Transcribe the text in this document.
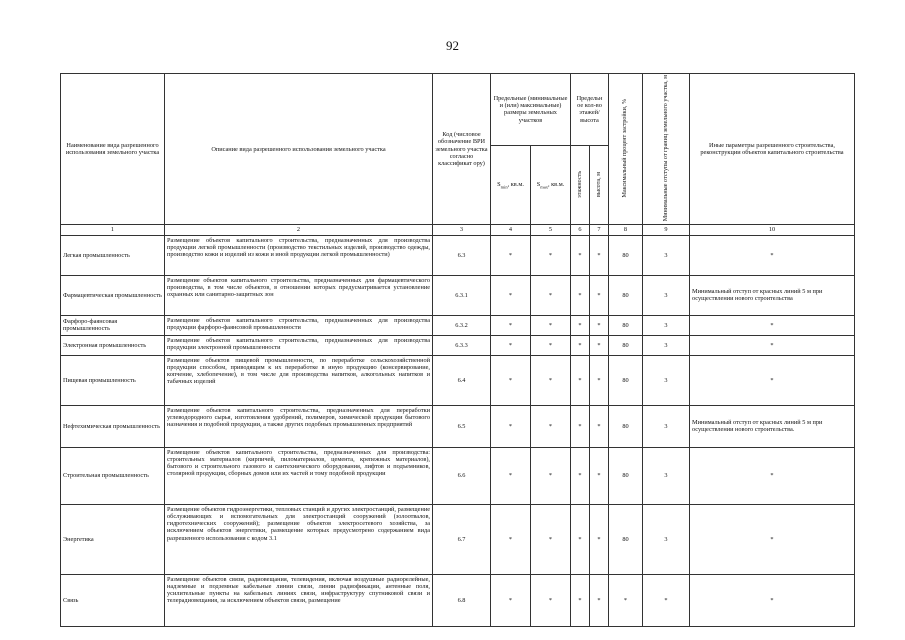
92
Наименование вида разрешенного использования земельного участка	Описание вида разрешенного использования земельного участка	Код (числовое обозначение ВРИ земельного участка согласно классификат ору)	Предельные (минимальные и (или) максимальные) размеры земельных участков		Предельн ое кол-во этажей/ высота		Максимальный процент застройки, %	Минимальные отступы от границ земельного участка, м	Иные параметры разрешенного строительства, реконструкции объектов капитального строительства
			$S_{min}$, кв.м.	$S_{max}$, кв.м.	этажность	высота, м			
1	2	3	4	5	6	7	8	9	10
Легкая промышленность	Размещение объектов капитального строительства, предназначенных для производства продукции легкой промышленности (производство текстильных изделий, производство одежды, производство кожи и изделий из кожи и иной продукции легкой промышленности)	6.3	*	*	*	*	80	3	*
Фармацевтическая промышленность	Размещение объектов капитального строительства, предназначенных для фармацевтического производства, в том числе объектов, в отношении которых предусматривается установление охранных или санитарно-защитных зон	6.3.1	*	*	*	*	80	3	Минимальный отступ от красных линий 5 м при осуществлении нового строительства
Фарфоро-фаянсовая промышленность	Размещение объектов капитального строительства, предназначенных для производства продукции фарфоро-фаянсовой промышленности	6.3.2	*	*	*	*	80	3	*
Электронная промышленность	Размещение объектов капитального строительства, предназначенных для производства продукции электронной промышленности	6.3.3	*	*	*	*	80	3	*
Пищевая промышленность	Размещение объектов пищевой промышленности, по переработке сельскохозяйственной продукции способом, приводящим к их переработке в иную продукцию (консервирование, копчение, хлебопечение), в том числе для производства напитков, алкогольных напитков и табачных изделий	6.4	*	*	*	*	80	3	*
Нефтехимическая промышленность	Размещение объектов капитального строительства, предназначенных для переработки углеводородного сырья, изготовления удобрений, полимеров, химической продукции бытового назначения и подобной продукции, а также других подобных промышленных предприятий	6.5	*	*	*	*	80	3	Минимальный отступ от красных линий 5 м при осуществлении нового строительства.
Строительная промышленность	Размещение объектов капитального строительства, предназначенных для производства: строительных материалов (кирпичей, пиломатериалов, цемента, крепежных материалов), бытового и строительного газового и сантехнического оборудования, лифтов и подъемников, столярной продукции, сборных домов или их частей и тому подобной продукции	6.6	*	*	*	*	80	3	*
Энергетика	Размещение объектов гидроэнергетики, тепловых станций и других электростанций, размещение обслуживающих и вспомогательных для электростанций сооружений (золоотвалов, гидротехнических сооружений); размещение объектов электросетевого хозяйства, за исключением объектов энергетики, размещение которых предусмотрено содержанием вида разрешенного использования с кодом 3.1	6.7	*	*	*	*	80	3	*
Связь	Размещение объектов связи, радиовещания, телевидения, включая воздушные радиорелейные, надземные и подземные кабельные линии связи, линии радиофикации, антенные поля, усилительные пункты на кабельных линиях связи, инфраструктуру спутниковой связи и телерадиовещания, за исключением объектов связи, размещение	6.8	*	*	*	*	*	*	*
